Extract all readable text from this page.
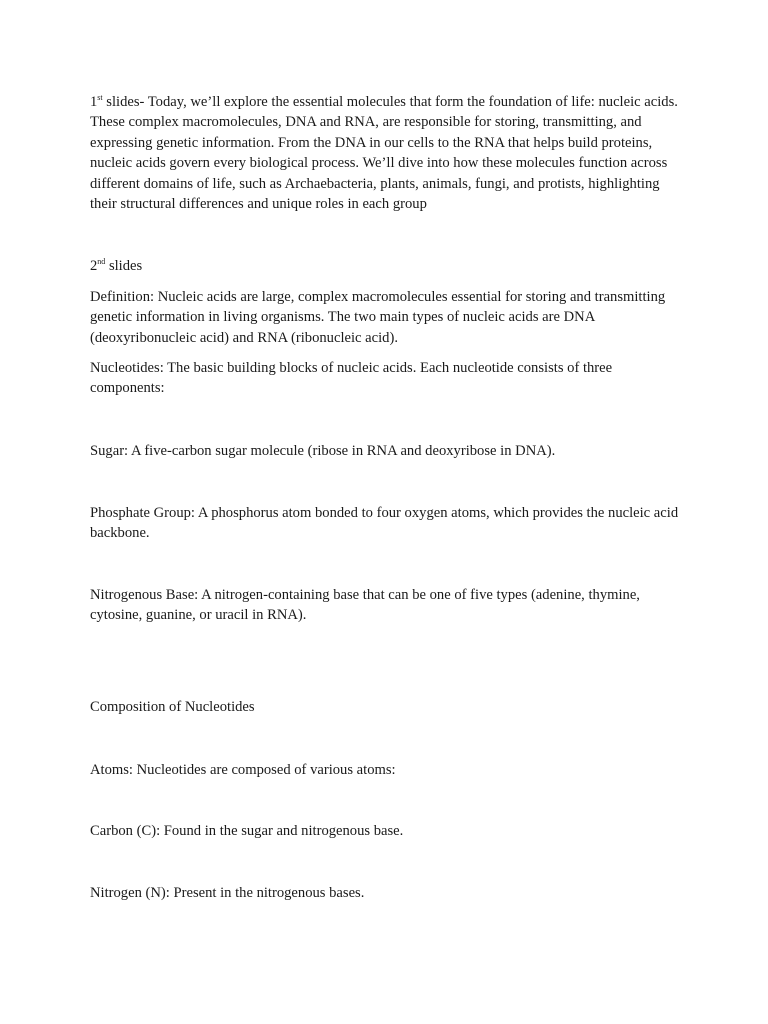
1st slides- Today, we’ll explore the essential molecules that form the foundation of life: nucleic acids. These complex macromolecules, DNA and RNA, are responsible for storing, transmitting, and expressing genetic information. From the DNA in our cells to the RNA that helps build proteins, nucleic acids govern every biological process. We’ll dive into how these molecules function across different domains of life, such as Archaebacteria, plants, animals, fungi, and protists, highlighting their structural differences and unique roles in each group

2nd slides

Definition: Nucleic acids are large, complex macromolecules essential for storing and transmitting genetic information in living organisms. The two main types of nucleic acids are DNA (deoxyribonucleic acid) and RNA (ribonucleic acid).

Nucleotides: The basic building blocks of nucleic acids. Each nucleotide consists of three components:

Sugar: A five-carbon sugar molecule (ribose in RNA and deoxyribose in DNA).

Phosphate Group: A phosphorus atom bonded to four oxygen atoms, which provides the nucleic acid backbone.

Nitrogenous Base: A nitrogen-containing base that can be one of five types (adenine, thymine, cytosine, guanine, or uracil in RNA).

Composition of Nucleotides

Atoms: Nucleotides are composed of various atoms:

Carbon (C): Found in the sugar and nitrogenous base.

Nitrogen (N): Present in the nitrogenous bases.
